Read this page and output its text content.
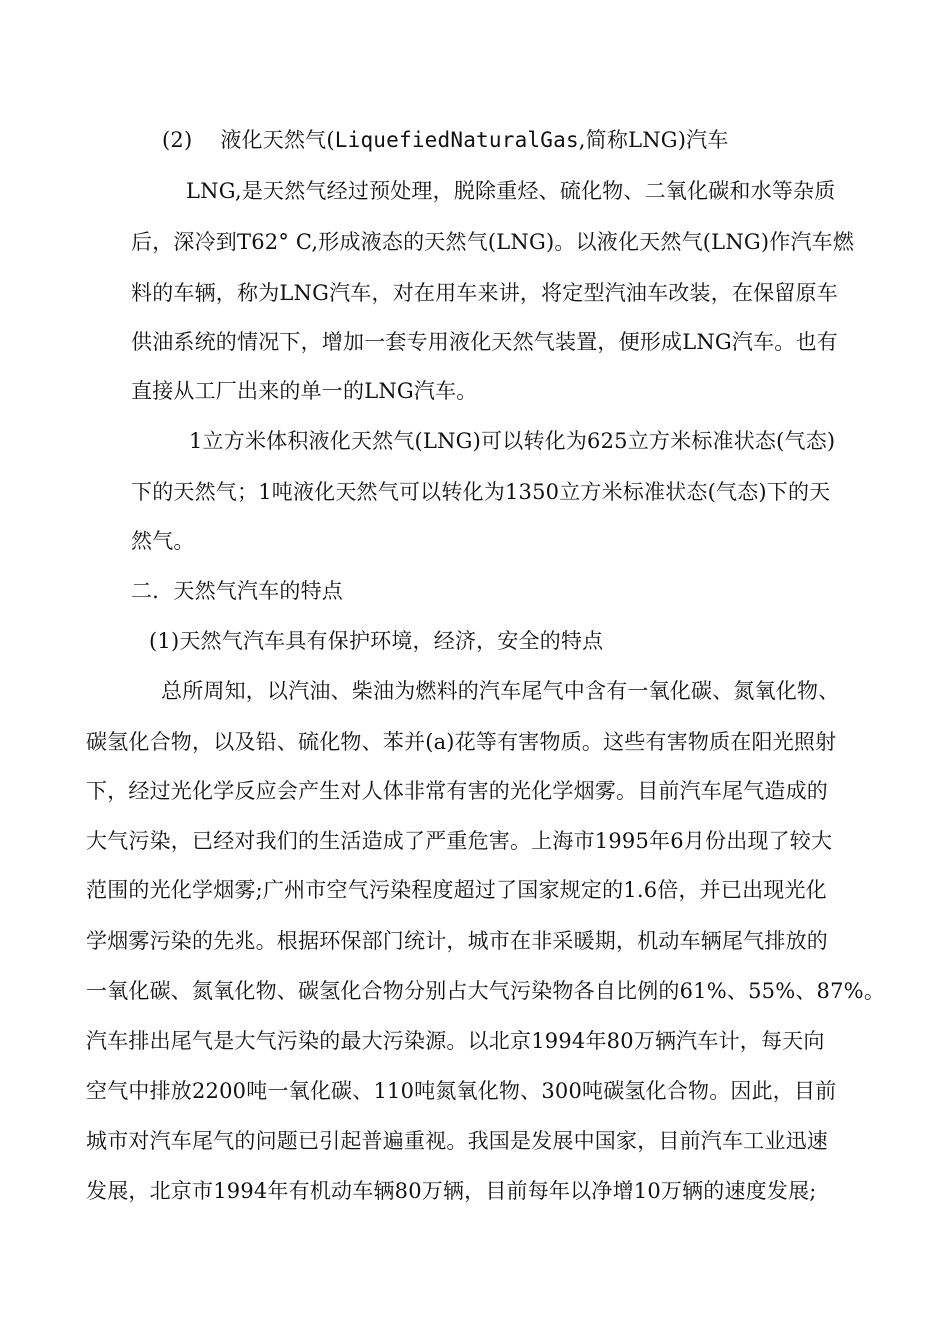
(2) 液化天然气(LiquefiedNaturalGas,简称LNG)汽车
LNG,是天然气经过预处理，脱除重烃、硫化物、二氧化碳和水等杂质
后，深冷到T62° C,形成液态的天然气(LNG)。以液化天然气(LNG)作汽车燃
料的车辆，称为LNG汽车，对在用车来讲，将定型汽油车改装，在保留原车
供油系统的情况下，增加一套专用液化天然气装置，便形成LNG汽车。也有
直接从工厂出来的单一的LNG汽车。
1立方米体积液化天然气(LNG)可以转化为625立方米标准状态(气态)
下的天然气；1吨液化天然气可以转化为1350立方米标准状态(气态)下的天
然气。
二．天然气汽车的特点
(1)天然气汽车具有保护环境，经济，安全的特点
总所周知，以汽油、柴油为燃料的汽车尾气中含有一氧化碳、氮氧化物、
碳氢化合物，以及铅、硫化物、苯并(a)花等有害物质。这些有害物质在阳光照射
下，经过光化学反应会产生对人体非常有害的光化学烟雾。目前汽车尾气造成的
大气污染，已经对我们的生活造成了严重危害。上海市1995年6月份出现了较大
范围的光化学烟雾;广州市空气污染程度超过了国家规定的1.6倍，并已出现光化
学烟雾污染的先兆。根据环保部门统计，城市在非采暖期，机动车辆尾气排放的
一氧化碳、氮氧化物、碳氢化合物分别占大气污染物各自比例的61%、55%、87%。
汽车排出尾气是大气污染的最大污染源。以北京1994年80万辆汽车计，每天向
空气中排放2200吨一氧化碳、110吨氮氧化物、300吨碳氢化合物。因此，目前
城市对汽车尾气的问题已引起普遍重视。我国是发展中国家，目前汽车工业迅速
发展，北京市1994年有机动车辆80万辆，目前每年以净增10万辆的速度发展;
